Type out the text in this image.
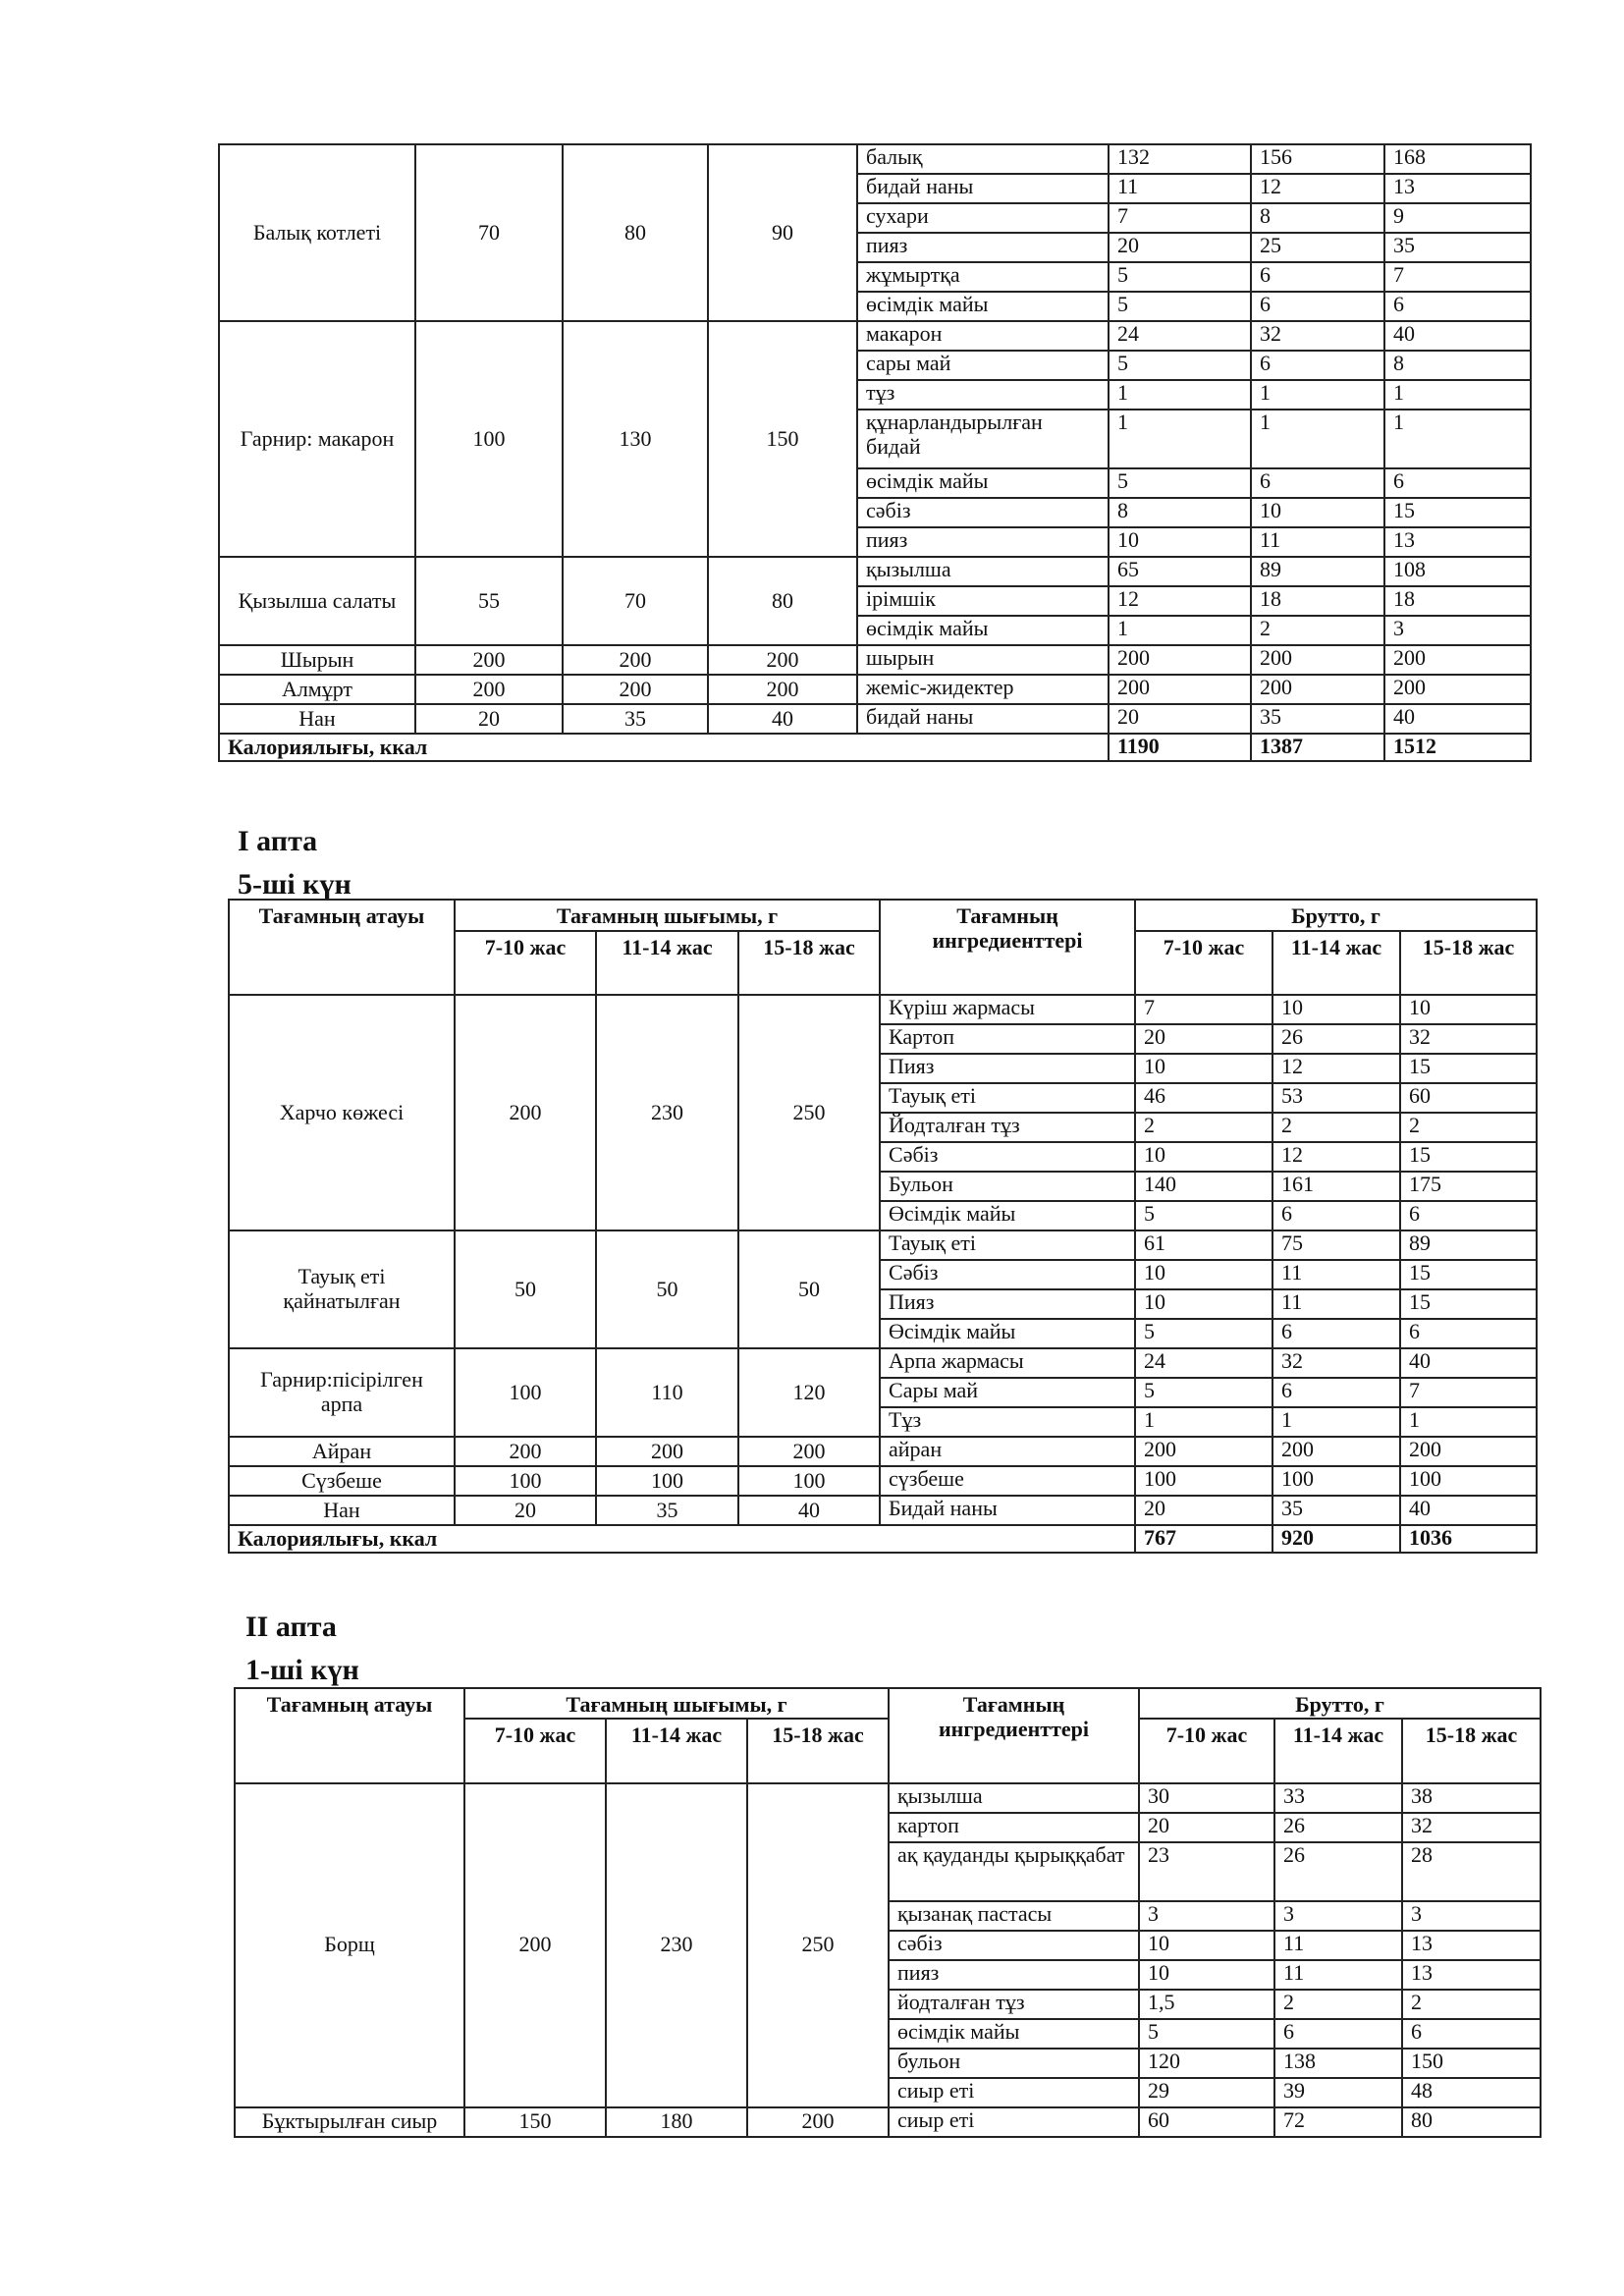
Балық котлеті	70	80	90	балық	132	156	168
				бидай наны	11	12	13
				сухари	7	8	9
				пияз	20	25	35
				жұмыртқа	5	6	7
				өсімдік майы	5	6	6
Гарнир: макарон	100	130	150	макарон	24	32	40
				сары май	5	6	8
				тұз	1	1	1
				құнарландырылған бидай	1	1	1
				өсімдік майы	5	6	6
				сәбіз	8	10	15
				пияз	10	11	13
Қызылша салаты	55	70	80	қызылша	65	89	108
				ірімшік	12	18	18
				өсімдік майы	1	2	3
Шырын	200	200	200	шырын	200	200	200
Алмұрт	200	200	200	жеміс-жидектер	200	200	200
Нан	20	35	40	бидай наны	20	35	40
Калориялығы, ккал					1190	1387	1512
I апта
5-ші күн
Тағамның атауы	Тағамның шығымы, г			Тағамның ингредиенттері	Брутто, г		
	7-10 жас	11-14 жас	15-18 жас		7-10 жас	11-14 жас	15-18 жас
Харчо көжесі	200	230	250	Күріш жармасы	7	10	10
				Картоп	20	26	32
				Пияз	10	12	15
				Тауық еті	46	53	60
				Йодталған тұз	2	2	2
				Сәбіз	10	12	15
				Бульон	140	161	175
				Өсімдік майы	5	6	6
Тауық еті қайнатылған	50	50	50	Тауық еті	61	75	89
				Сәбіз	10	11	15
				Пияз	10	11	15
				Өсімдік майы	5	6	6
Гарнир:пісірілген арпа	100	110	120	Арпа жармасы	24	32	40
				Сары май	5	6	7
				Тұз	1	1	1
Айран	200	200	200	айран	200	200	200
Сүзбеше	100	100	100	сүзбеше	100	100	100
Нан	20	35	40	Бидай наны	20	35	40
Калориялығы, ккал					767	920	1036
II апта
1-ші күн
Тағамның атауы	Тағамның шығымы, г			Тағамның ингредиенттері	Брутто, г		
	7-10 жас	11-14 жас	15-18 жас		7-10 жас	11-14 жас	15-18 жас
Борщ	200	230	250	қызылша	30	33	38
				картоп	20	26	32
				ақ қауданды қырыққабат	23	26	28
				қызанақ пастасы	3	3	3
				сәбіз	10	11	13
				пияз	10	11	13
				йодталған тұз	1,5	2	2
				өсімдік майы	5	6	6
				бульон	120	138	150
				сиыр еті	29	39	48
Бұктырылған сиыр	150	180	200	сиыр еті	60	72	80
